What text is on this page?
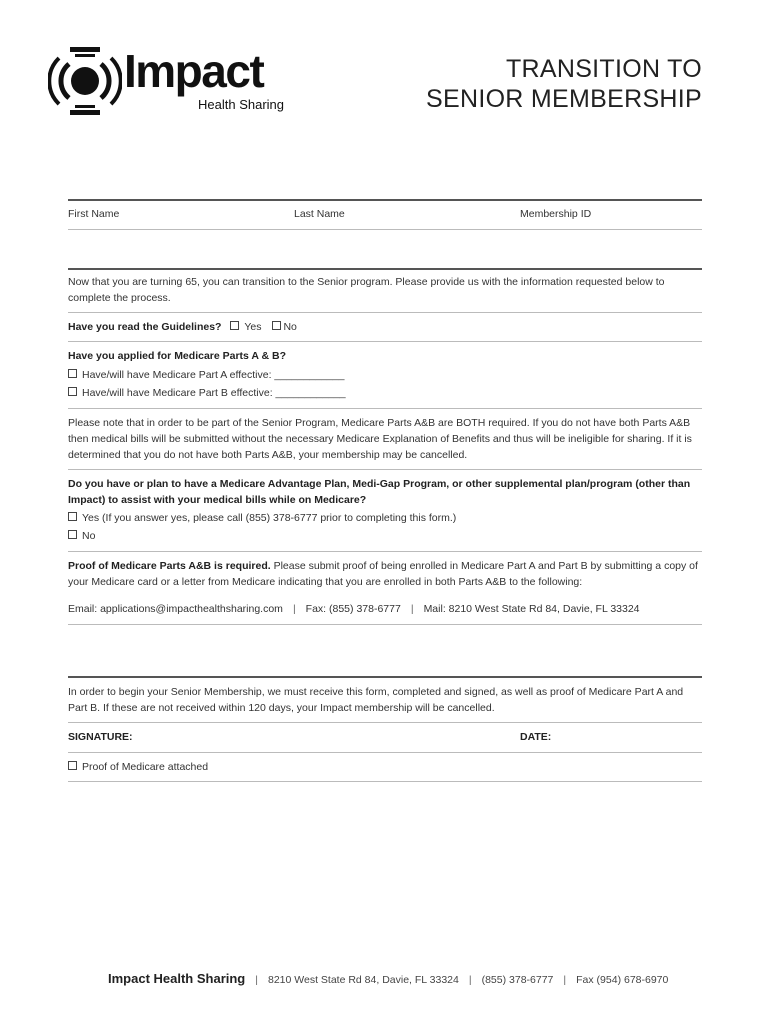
Impact
Health Sharing
TRANSITION TO
SENIOR MEMBERSHIP
First Name	Last Name	Membership ID
Now that you are turning 65, you can transition to the Senior program. Please provide us with the information requested below to complete the process.
Have you read the Guidelines? Yes No
Have you applied for Medicare Parts A & B?
Have/will have Medicare Part A effective: ____________
Have/will have Medicare Part B effective: ____________
Please note that in order to be part of the Senior Program, Medicare Parts A&B are BOTH required. If you do not have both Parts A&B then medical bills will be submitted without the necessary Medicare Explanation of Benefits and thus will be ineligible for sharing. If it is determined that you do not have both Parts A&B, your membership may be cancelled.
Do you have or plan to have a Medicare Advantage Plan, Medi-Gap Program, or other supplemental plan/program (other than Impact) to assist with your medical bills while on Medicare?
Yes (If you answer yes, please call (855) 378-6777 prior to completing this form.)
No
Proof of Medicare Parts A&B is required. Please submit proof of being enrolled in Medicare Part A and Part B by submitting a copy of your Medicare card or a letter from Medicare indicating that you are enrolled in both Parts A&B to the following:
Email: applications@impacthealthsharing.com | Fax: (855) 378-6777 | Mail: 8210 West State Rd 84, Davie, FL 33324
In order to begin your Senior Membership, we must receive this form, completed and signed, as well as proof of Medicare Part A and Part B. If these are not received within 120 days, your Impact membership will be cancelled.
SIGNATURE:	DATE:
Proof of Medicare attached
Impact Health Sharing | 8210 West State Rd 84, Davie, FL 33324 | (855) 378-6777 | Fax (954) 678-6970
